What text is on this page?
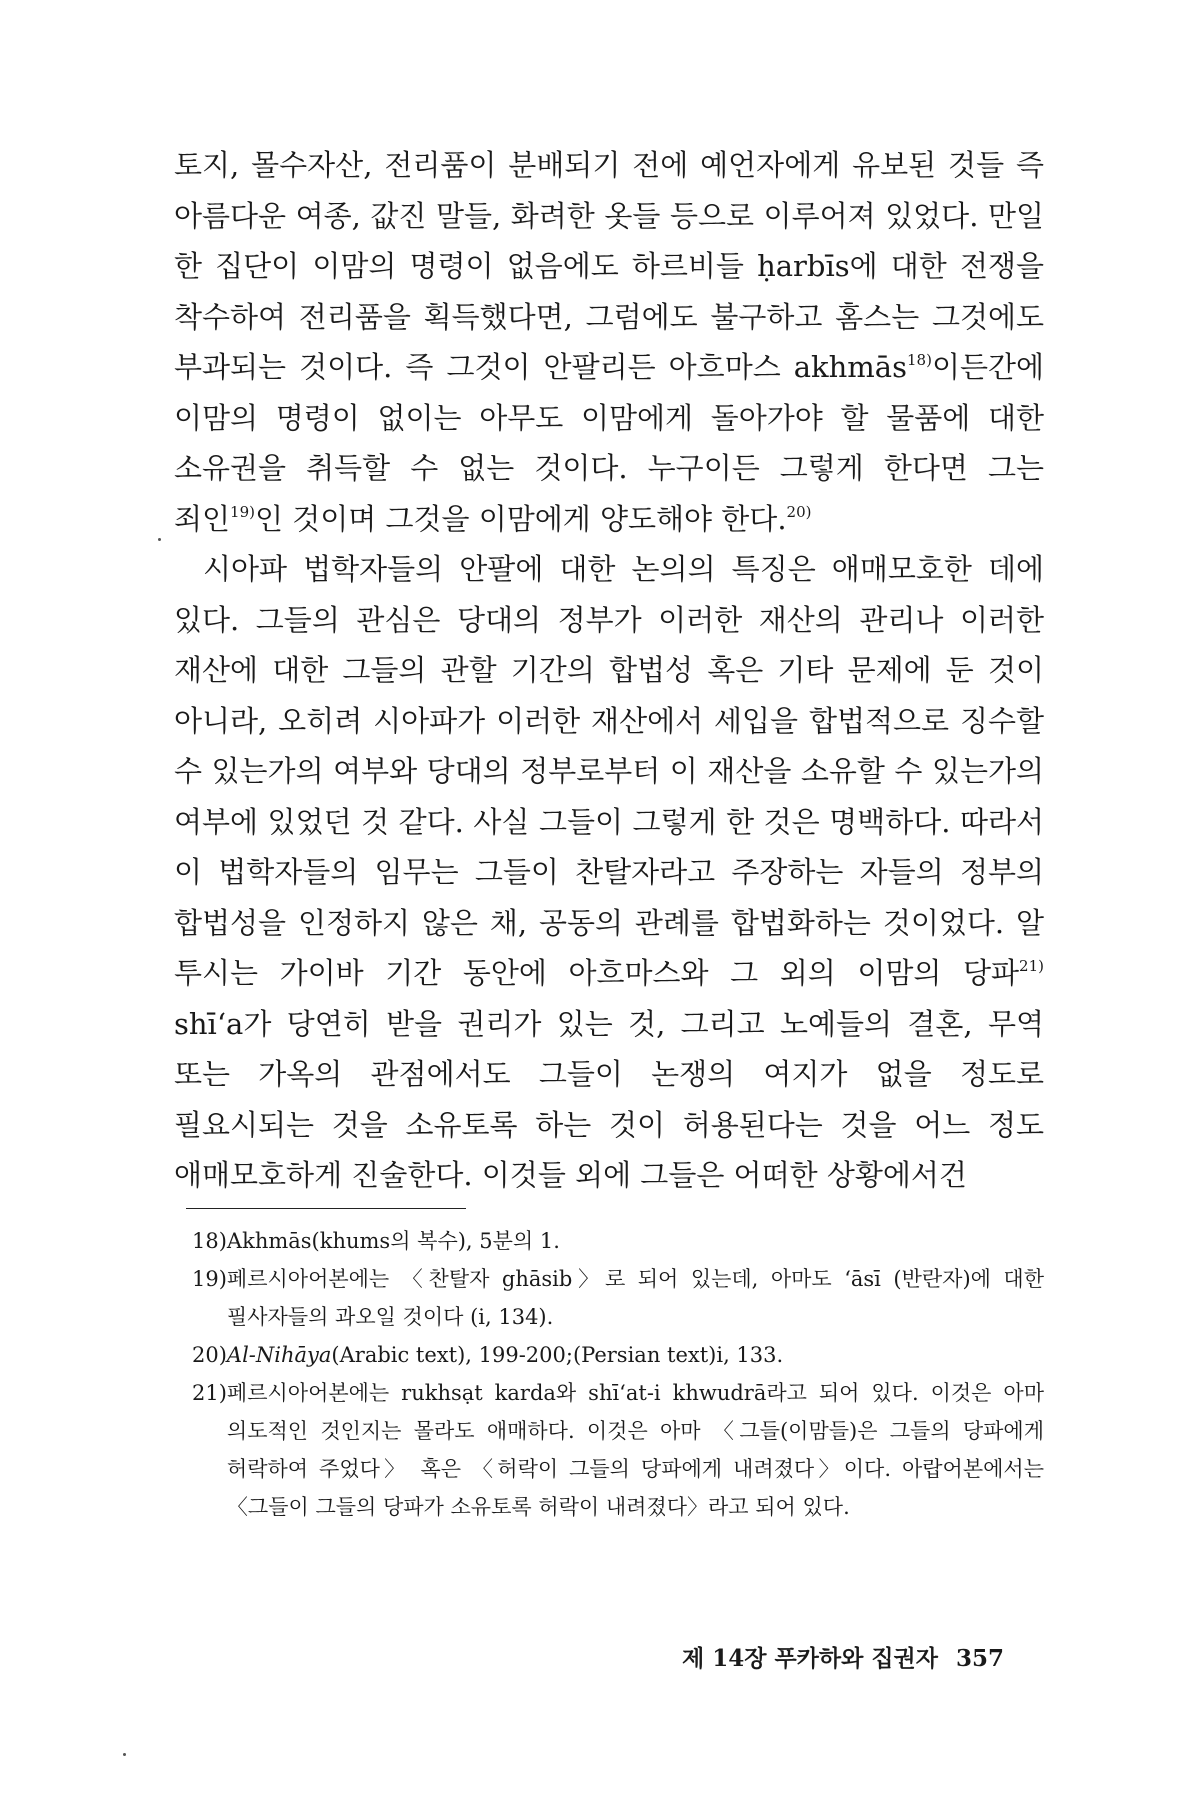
토지, 몰수자산, 전리품이 분배되기 전에 예언자에게 유보된 것들 즉 아름다운 여종, 값진 말들, 화려한 옷들 등으로 이루어져 있었다. 만일 한 집단이 이맘의 명령이 없음에도 하르비들 ḥarbīs에 대한 전쟁을 착수하여 전리품을 획득했다면, 그럼에도 불구하고 홈스는 그것에도 부과되는 것이다. 즉 그것이 안팔리든 아흐마스 akhmās$^{18)}$이든간에 이맘의 명령이 없이는 아무도 이맘에게 돌아가야 할 물품에 대한 소유권을 취득할 수 없는 것이다. 누구이든 그렇게 한다면 그는 죄인$^{19)}$인 것이며 그것을 이맘에게 양도해야 한다.$^{20)}$

시아파 법학자들의 안팔에 대한 논의의 특징은 애매모호한 데에 있다. 그들의 관심은 당대의 정부가 이러한 재산의 관리나 이러한 재산에 대한 그들의 관할 기간의 합법성 혹은 기타 문제에 둔 것이 아니라, 오히려 시아파가 이러한 재산에서 세입을 합법적으로 징수할 수 있는가의 여부와 당대의 정부로부터 이 재산을 소유할 수 있는가의 여부에 있었던 것 같다. 사실 그들이 그렇게 한 것은 명백하다. 따라서 이 법학자들의 임무는 그들이 찬탈자라고 주장하는 자들의 정부의 합법성을 인정하지 않은 채, 공동의 관례를 합법화하는 것이었다. 알 투시는 가이바 기간 동안에 아흐마스와 그 외의 이맘의 당파$^{21)}$ shī‘a가 당연히 받을 권리가 있는 것, 그리고 노예들의 결혼, 무역 또는 가옥의 관점에서도 그들이 논쟁의 여지가 없을 정도로 필요시되는 것을 소유토록 하는 것이 허용된다는 것을 어느 정도 애매모호하게 진술한다. 이것들 외에 그들은 어떠한 상황에서건

18) Akhmās(khums의 복수), 5분의 1.
19) 페르시아어본에는 〈찬탈자 ghāsib〉로 되어 있는데, 아마도 ‘āsī (반란자)에 대한 필사자들의 과오일 것이다 (i, 134).
20) Al-Nihāya(Arabic text), 199-200;(Persian text)i, 133.
21) 페르시아어본에는 rukhsạt karda와 shī‘at-i khwudrā라고 되어 있다. 이것은 아마 의도적인 것인지는 몰라도 애매하다. 이것은 아마 〈그들(이맘들)은 그들의 당파에게 허락하여 주었다〉 혹은 〈허락이 그들의 당파에게 내려졌다〉이다. 아랍어본에서는 〈그들이 그들의 당파가 소유토록 허락이 내려졌다〉라고 되어 있다.
제 14장 푸카하와 집권자 357
